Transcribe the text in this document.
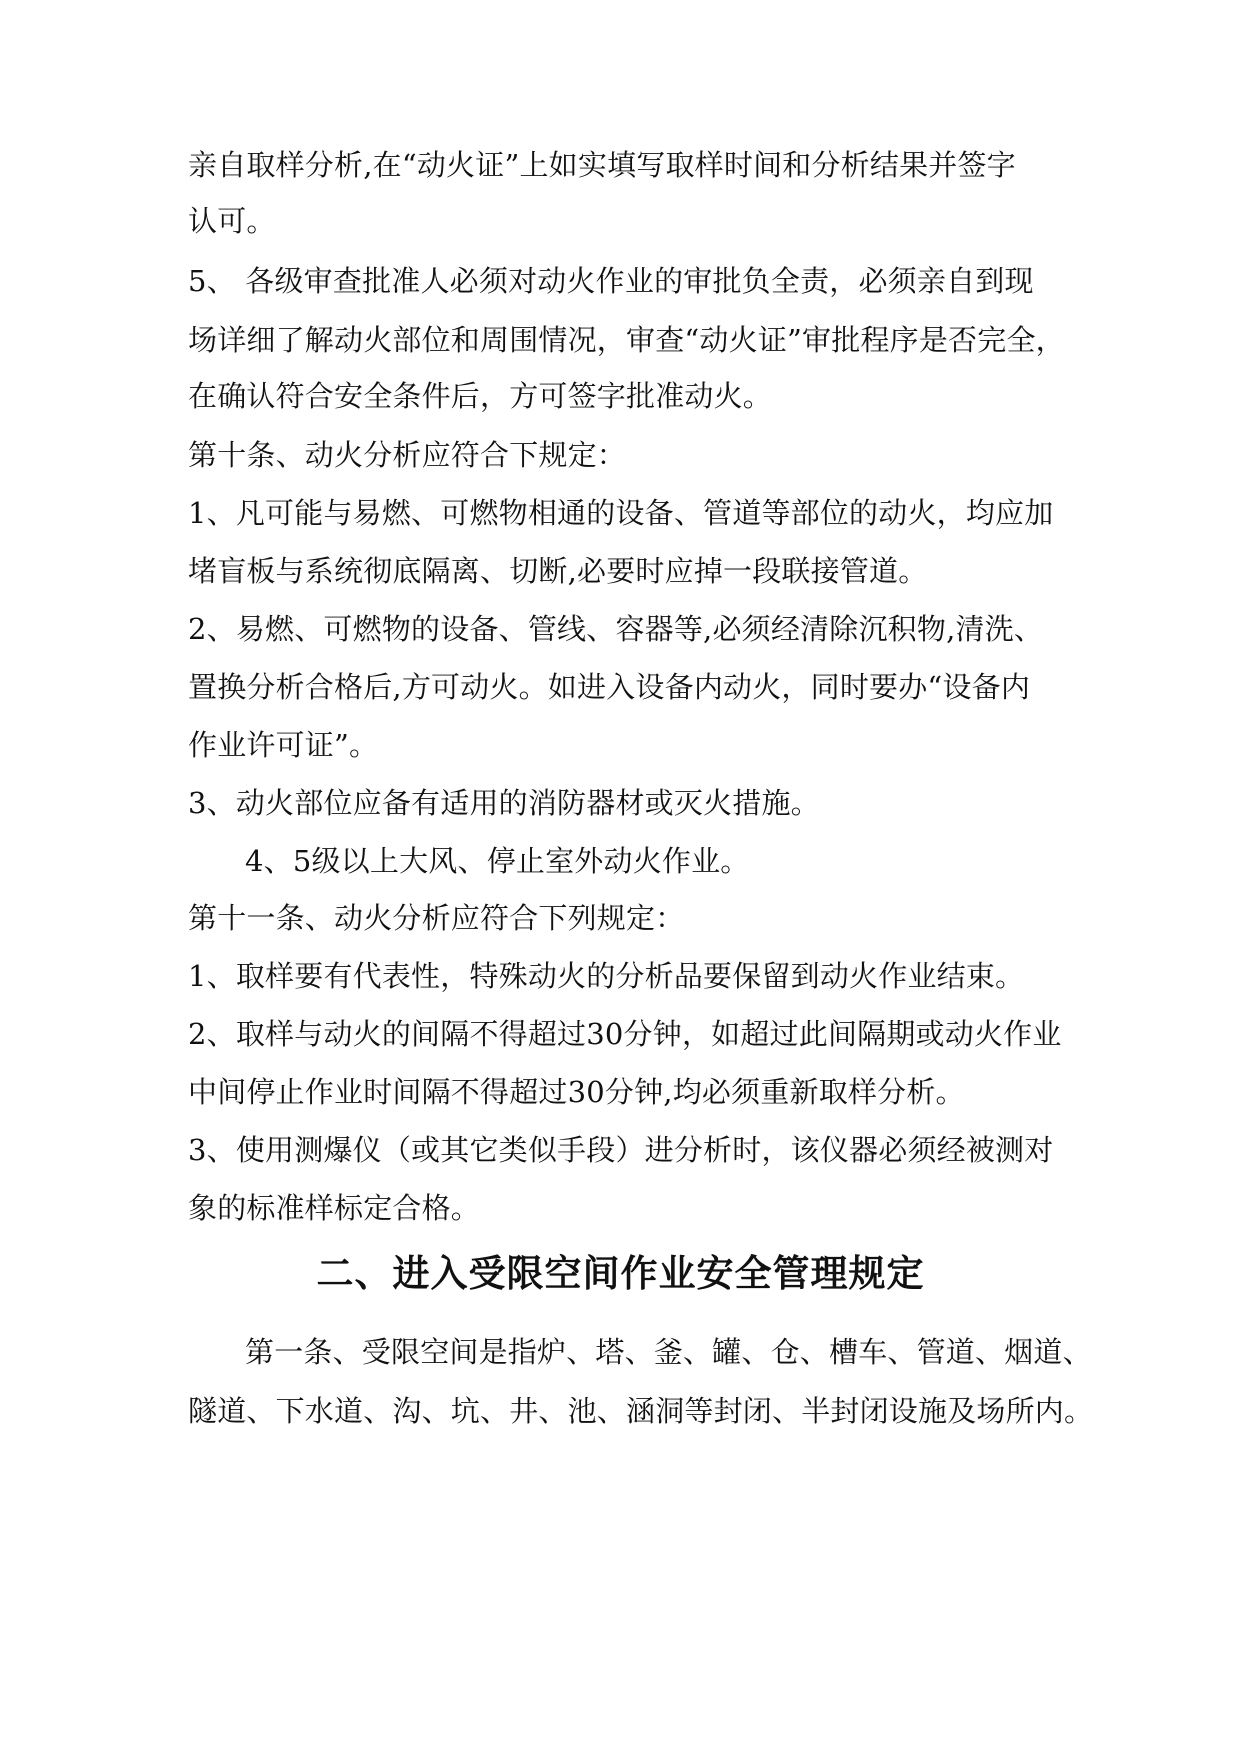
亲自取样分析,在“动火证”上如实填写取样时间和分析结果并签字
认可。
5、 各级审查批准人必须对动火作业的审批负全责，必须亲自到现
场详细了解动火部位和周围情况，审查“动火证”审批程序是否完全，
在确认符合安全条件后，方可签字批准动火。
第十条、动火分析应符合下规定：
1、凡可能与易燃、可燃物相通的设备、管道等部位的动火，均应加
堵盲板与系统彻底隔离、切断,必要时应掉一段联接管道。
2、易燃、可燃物的设备、管线、容器等,必须经清除沉积物,清洗、
置换分析合格后,方可动火。如进入设备内动火，同时要办“设备内
作业许可证”。
3、动火部位应备有适用的消防器材或灭火措施。
4、5级以上大风、停止室外动火作业。
第十一条、动火分析应符合下列规定：
1、取样要有代表性，特殊动火的分析品要保留到动火作业结束。
2、取样与动火的间隔不得超过30分钟，如超过此间隔期或动火作业
中间停止作业时间隔不得超过30分钟,均必须重新取样分析。
3、使用测爆仪（或其它类似手段）进分析时，该仪器必须经被测对
象的标准样标定合格。
二、进入受限空间作业安全管理规定
第一条、受限空间是指炉、塔、釜、罐、仓、槽车、管道、烟道、
隧道、下水道、沟、坑、井、池、涵洞等封闭、半封闭设施及场所内。
